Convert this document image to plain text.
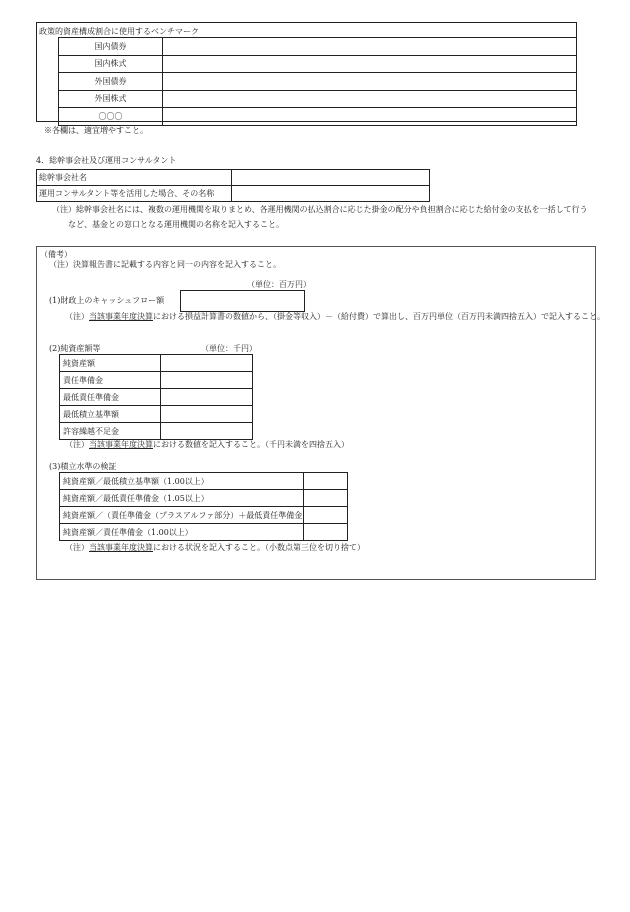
政策的資産構成割合に使用するベンチマーク
国内債券	
国内株式	
外国債券	
外国株式	
〇〇〇	
※各欄は、適宜増やすこと。
4．総幹事会社及び運用コンサルタント
総幹事会社名	
運用コンサルタント等を活用した場合、その名称	
（注）総幹事会社名には、複数の運用機関を取りまとめ、各運用機関の払込割合に応じた掛金の配分や負担割合に応じた給付金の支払を一括して行う
など、基金との窓口となる運用機関の名称を記入すること。
（備考）
（注）決算報告書に記載する内容と同一の内容を記入すること。
（単位：百万円）
(1)財政上のキャッシュフロー額
（注）当該事業年度決算における損益計算書の数値から、（掛金等収入）－（給付費）で算出し、百万円単位（百万円未満四捨五入）で記入すること。
(2)純資産額等	（単位：千円）
純資産額	
責任準備金	
最低責任準備金	
最低積立基準額	
許容繰越不足金	
（注）当該事業年度決算における数値を記入すること。（千円未満を四捨五入）
(3)積立水準の検証
純資産額／最低積立基準額（1.00以上）	
純資産額／最低責任準備金（1.05以上）	
純資産額／（責任準備金（プラスアルファ部分）＋最低責任準備金	
純資産額／責任準備金（1.00以上）	
（注）当該事業年度決算における状況を記入すること。（小数点第三位を切り捨て）
